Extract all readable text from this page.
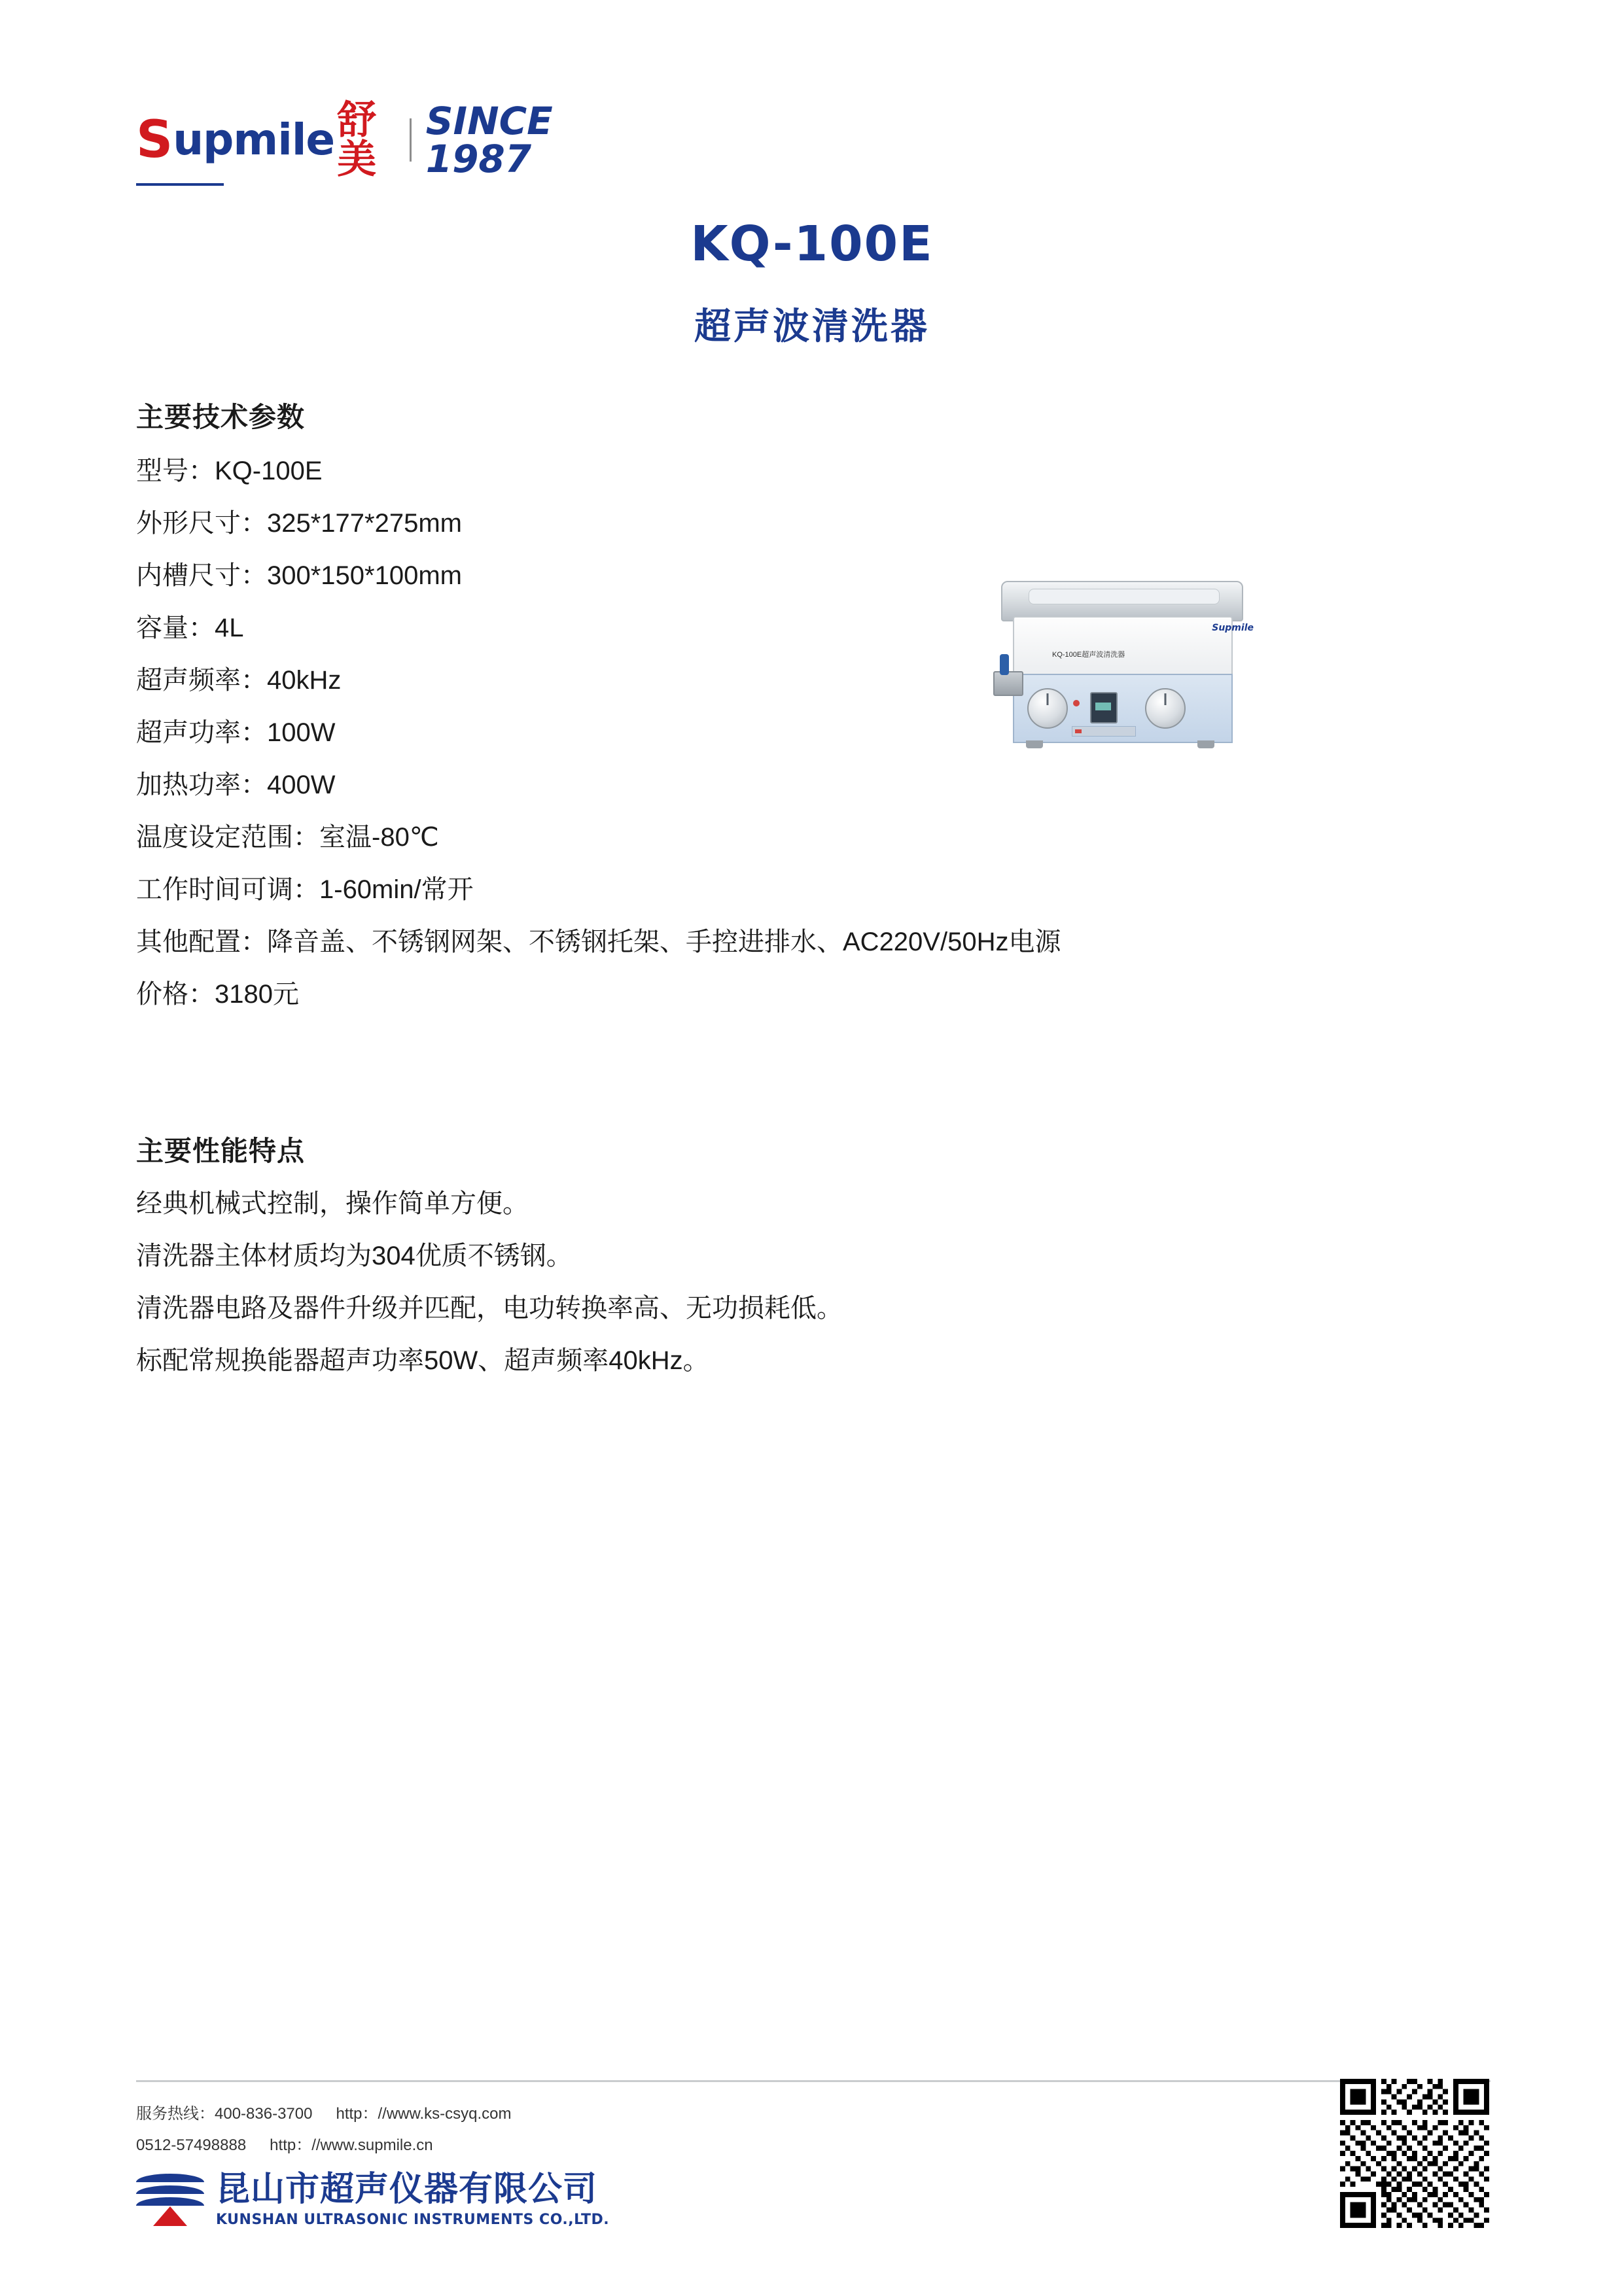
S upmile 舒美
SINCE 1987
KQ-100E
超声波清洗器
主要技术参数
型号：KQ-100E
外形尺寸：325*177*275mm
内槽尺寸：300*150*100mm
容量：4L
超声频率：40kHz
超声功率：100W
加热功率：400W
温度设定范围：室温-80℃
工作时间可调：1-60min/常开
其他配置：降音盖、不锈钢网架、不锈钢托架、手控进排水、AC220V/50Hz电源
价格：3180元
Supmile
KQ-100E超声波清洗器
主要性能特点
经典机械式控制，操作简单方便。
清洗器主体材质均为304优质不锈钢。
清洗器电路及器件升级并匹配，电功转换率高、无功损耗低。
标配常规换能器超声功率50W、超声频率40kHz。
服务热线：400-836-3700 http：//www.ks-csyq.com
0512-57498888 http：//www.supmile.cn
昆山市超声仪器有限公司
KUNSHAN ULTRASONIC INSTRUMENTS CO.,LTD.
